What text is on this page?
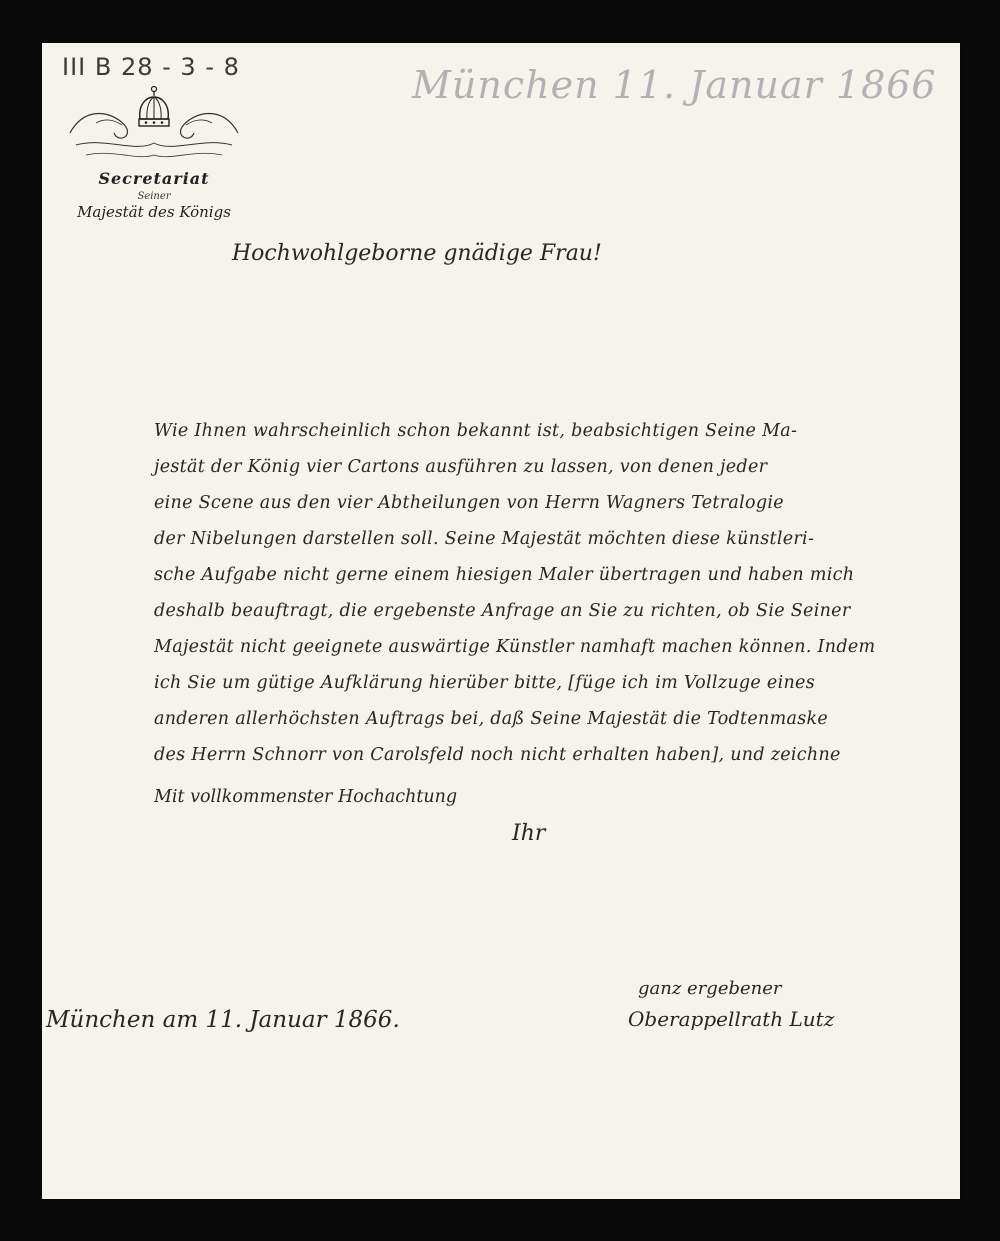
III B 28 - 3 - 8	München 11. Januar 1866
Secretariat
Seiner
Majestät des Königs
Hochwohlgeborne gnädige Frau!
Wie Ihnen wahrscheinlich schon bekannt ist, beabsichtigen Seine Ma-
jestät der König vier Cartons ausführen zu lassen, von denen jeder
eine Scene aus den vier Abtheilungen von Herrn Wagners Tetralogie
der Nibelungen darstellen soll. Seine Majestät möchten diese künstleri-
sche Aufgabe nicht gerne einem hiesigen Maler übertragen und haben mich
deshalb beauftragt, die ergebenste Anfrage an Sie zu richten, ob Sie Seiner
Majestät nicht geeignete auswärtige Künstler namhaft machen können. Indem
ich Sie um gütige Aufklärung hierüber bitte, [füge ich im Vollzuge eines
anderen allerhöchsten Auftrags bei, daß Seine Majestät die Todtenmaske
des Herrn Schnorr von Carolsfeld noch nicht erhalten haben], und zeichne
Mit vollkommenster Hochachtung
Ihr
München am 11. Januar 1866.
ganz ergebener
Oberappellrath Lutz
